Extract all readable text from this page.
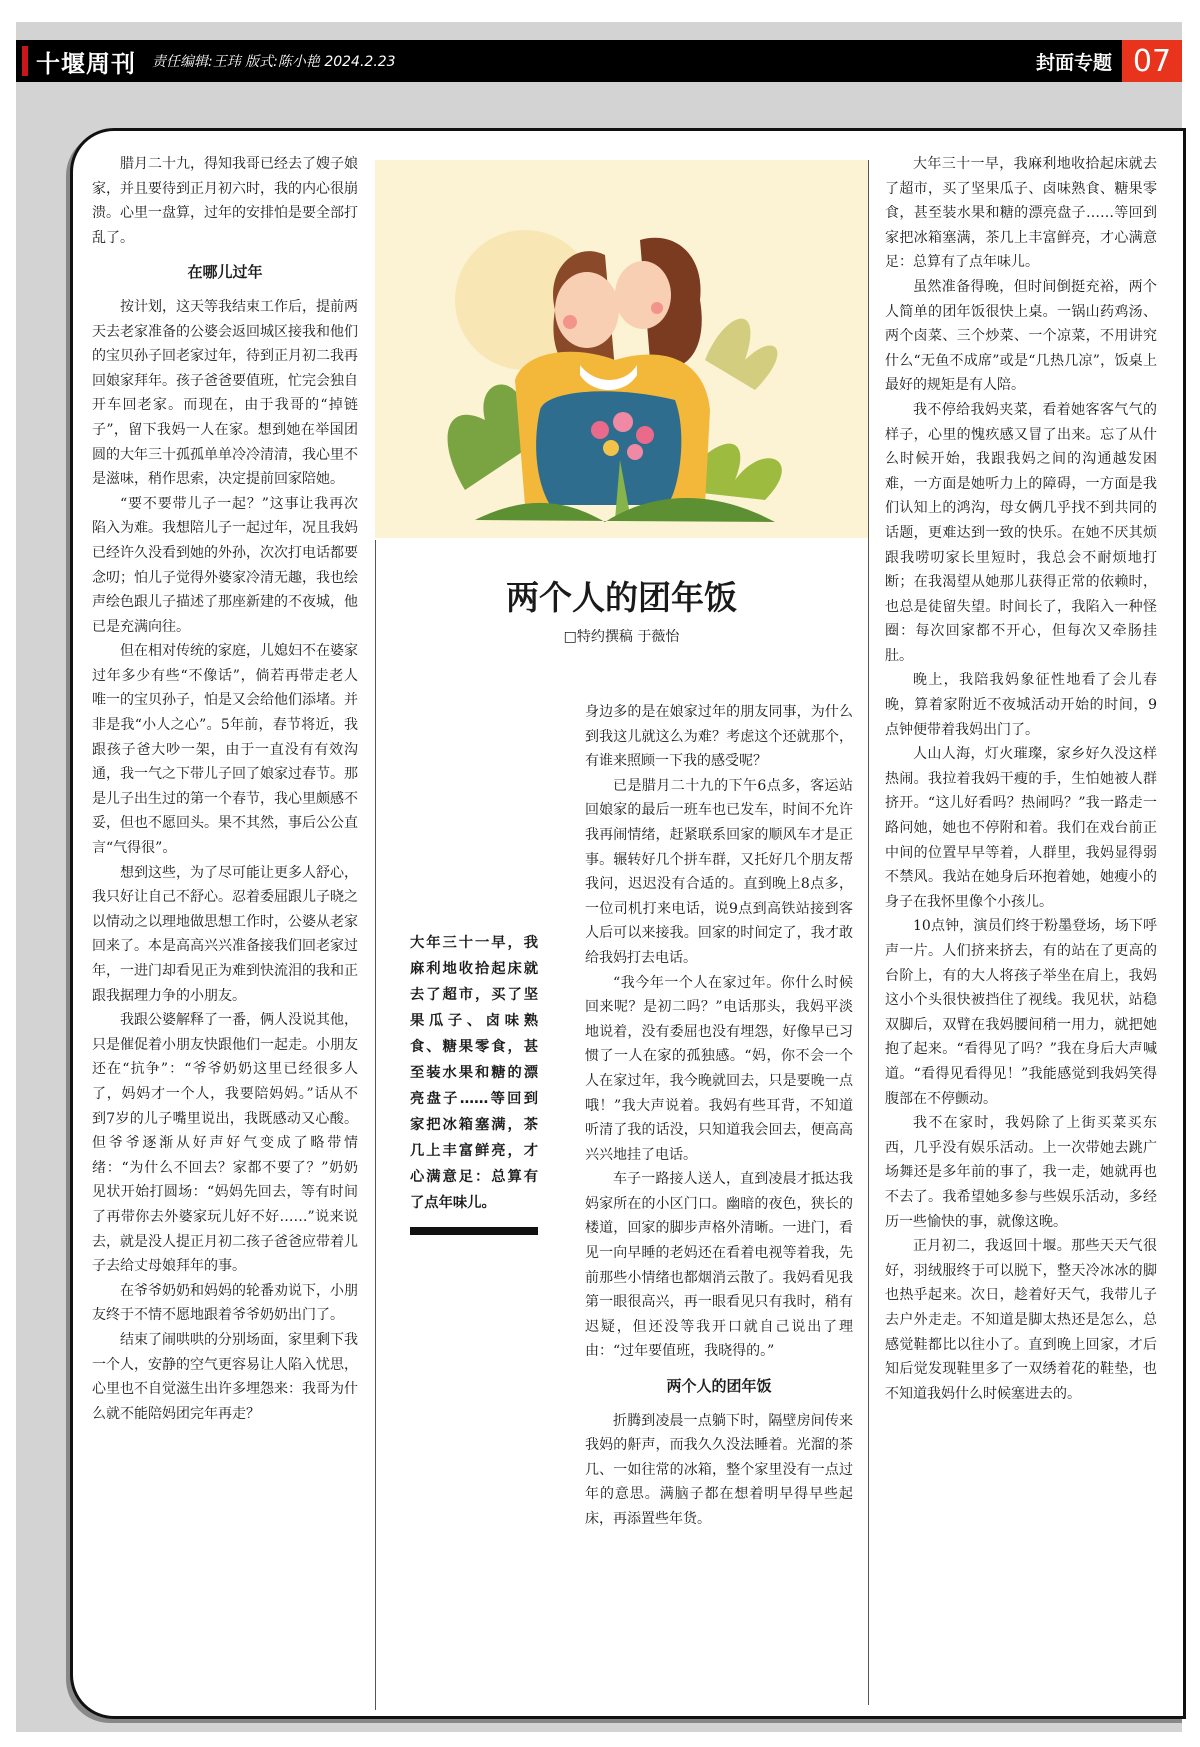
十堰周刊 责任编辑:王玮 版式:陈小艳 2024.2.23	封面专题 07

腊月二十九，得知我哥已经去了嫂子娘家，并且要待到正月初六时，我的内心很崩溃。心里一盘算，过年的安排怕是要全部打乱了。

在哪儿过年

按计划，这天等我结束工作后，提前两天去老家准备的公婆会返回城区接我和他们的宝贝孙子回老家过年，待到正月初二我再回娘家拜年。孩子爸爸要值班，忙完会独自开车回老家。而现在，由于我哥的“掉链子”，留下我妈一人在家。想到她在举国团圆的大年三十孤孤单单冷冷清清，我心里不是滋味，稍作思索，决定提前回家陪她。

“要不要带儿子一起？”这事让我再次陷入为难。我想陪儿子一起过年，况且我妈已经许久没看到她的外孙，次次打电话都要念叨；怕儿子觉得外婆家冷清无趣，我也绘声绘色跟儿子描述了那座新建的不夜城，他已是充满向往。

但在相对传统的家庭，儿媳妇不在婆家过年多少有些“不像话”，倘若再带走老人唯一的宝贝孙子，怕是又会给他们添堵。并非是我“小人之心”。5年前，春节将近，我跟孩子爸大吵一架，由于一直没有有效沟通，我一气之下带儿子回了娘家过春节。那是儿子出生过的第一个春节，我心里颇感不妥，但也不愿回头。果不其然，事后公公直言“气得很”。

想到这些，为了尽可能让更多人舒心，我只好让自己不舒心。忍着委屈跟儿子晓之以情动之以理地做思想工作时，公婆从老家回来了。本是高高兴兴准备接我们回老家过年，一进门却看见正为难到快流泪的我和正跟我据理力争的小朋友。

我跟公婆解释了一番，俩人没说其他，只是催促着小朋友快跟他们一起走。小朋友还在“抗争”：“爷爷奶奶这里已经很多人了，妈妈才一个人，我要陪妈妈。”话从不到7岁的儿子嘴里说出，我既感动又心酸。但爷爷逐渐从好声好气变成了略带情绪：“为什么不回去？家都不要了？”奶奶见状开始打圆场：“妈妈先回去，等有时间了再带你去外婆家玩儿好不好……”说来说去，就是没人提正月初二孩子爸爸应带着儿子去给丈母娘拜年的事。

在爷爷奶奶和妈妈的轮番劝说下，小朋友终于不情不愿地跟着爷爷奶奶出门了。

结束了闹哄哄的分别场面，家里剩下我一个人，安静的空气更容易让人陷入忧思，心里也不自觉滋生出许多埋怨来：我哥为什么就不能陪妈团完年再走？

两个人的团年饭
□特约撰稿 于薇怡
大年三十一早，我麻利地收拾起床就去了超市，买了坚果瓜子、卤味熟食、糖果零食，甚至装水果和糖的漂亮盘子……等回到家把冰箱塞满，茶几上丰富鲜亮，才心满意足：总算有了点年味儿。

身边多的是在娘家过年的朋友同事，为什么到我这儿就这么为难？考虑这个还就那个，有谁来照顾一下我的感受呢？

已是腊月二十九的下午6点多，客运站回娘家的最后一班车也已发车，时间不允许我再闹情绪，赶紧联系回家的顺风车才是正事。辗转好几个拼车群，又托好几个朋友帮我问，迟迟没有合适的。直到晚上8点多，一位司机打来电话，说9点到高铁站接到客人后可以来接我。回家的时间定了，我才敢给我妈打去电话。

“我今年一个人在家过年。你什么时候回来呢？是初二吗？”电话那头，我妈平淡地说着，没有委屈也没有埋怨，好像早已习惯了一人在家的孤独感。“妈，你不会一个人在家过年，我今晚就回去，只是要晚一点哦！”我大声说着。我妈有些耳背，不知道听清了我的话没，只知道我会回去，便高高兴兴地挂了电话。

车子一路接人送人，直到凌晨才抵达我妈家所在的小区门口。幽暗的夜色，狭长的楼道，回家的脚步声格外清晰。一进门，看见一向早睡的老妈还在看着电视等着我，先前那些小情绪也都烟消云散了。我妈看见我第一眼很高兴，再一眼看见只有我时，稍有迟疑，但还没等我开口就自己说出了理由：“过年要值班，我晓得的。”

两个人的团年饭

折腾到凌晨一点躺下时，隔壁房间传来我妈的鼾声，而我久久没法睡着。光溜的茶几、一如往常的冰箱，整个家里没有一点过年的意思。满脑子都在想着明早得早些起床，再添置些年货。

大年三十一早，我麻利地收拾起床就去了超市，买了坚果瓜子、卤味熟食、糖果零食，甚至装水果和糖的漂亮盘子……等回到家把冰箱塞满，茶几上丰富鲜亮，才心满意足：总算有了点年味儿。

虽然准备得晚，但时间倒挺充裕，两个人简单的团年饭很快上桌。一锅山药鸡汤、两个卤菜、三个炒菜、一个凉菜，不用讲究什么“无鱼不成席”或是“几热几凉”，饭桌上最好的规矩是有人陪。

我不停给我妈夹菜，看着她客客气气的样子，心里的愧疚感又冒了出来。忘了从什么时候开始，我跟我妈之间的沟通越发困难，一方面是她听力上的障碍，一方面是我们认知上的鸿沟，母女俩几乎找不到共同的话题，更难达到一致的快乐。在她不厌其烦跟我唠叨家长里短时，我总会不耐烦地打断；在我渴望从她那儿获得正常的依赖时，也总是徒留失望。时间长了，我陷入一种怪圈：每次回家都不开心，但每次又牵肠挂肚。

晚上，我陪我妈象征性地看了会儿春晚，算着家附近不夜城活动开始的时间，9点钟便带着我妈出门了。

人山人海，灯火璀璨，家乡好久没这样热闹。我拉着我妈干瘦的手，生怕她被人群挤开。“这儿好看吗？热闹吗？”我一路走一路问她，她也不停附和着。我们在戏台前正中间的位置早早等着，人群里，我妈显得弱不禁风。我站在她身后环抱着她，她瘦小的身子在我怀里像个小孩儿。

10点钟，演员们终于粉墨登场，场下呼声一片。人们挤来挤去，有的站在了更高的台阶上，有的大人将孩子举坐在肩上，我妈这小个头很快被挡住了视线。我见状，站稳双脚后，双臂在我妈腰间稍一用力，就把她抱了起来。“看得见了吗？”我在身后大声喊道。“看得见看得见！”我能感觉到我妈笑得腹部在不停颤动。

我不在家时，我妈除了上街买菜买东西，几乎没有娱乐活动。上一次带她去跳广场舞还是多年前的事了，我一走，她就再也不去了。我希望她多参与些娱乐活动，多经历一些愉快的事，就像这晚。

正月初二，我返回十堰。那些天天气很好，羽绒服终于可以脱下，整天冷冰冰的脚也热乎起来。次日，趁着好天气，我带儿子去户外走走。不知道是脚太热还是怎么，总感觉鞋都比以往小了。直到晚上回家，才后知后觉发现鞋里多了一双绣着花的鞋垫，也不知道我妈什么时候塞进去的。
